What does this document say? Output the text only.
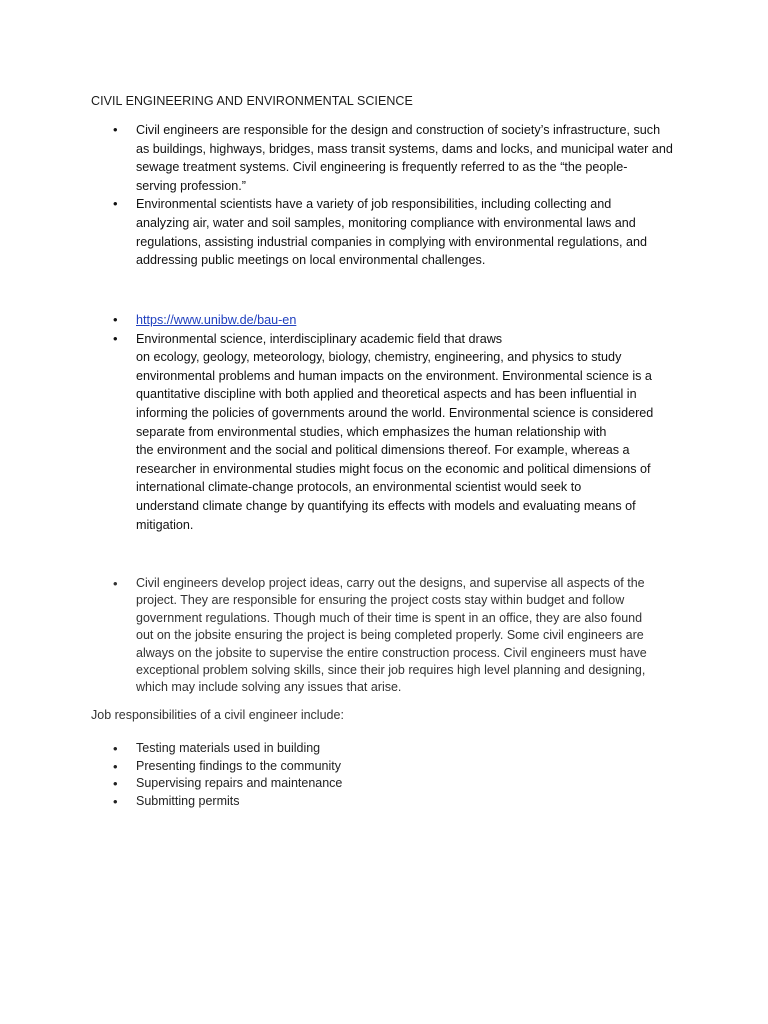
CIVIL ENGINEERING AND ENVIRONMENTAL SCIENCE
•	Civil engineers are responsible for the design and construction of society’s infrastructure, such
as buildings, highways, bridges, mass transit systems, dams and locks, and municipal water and
sewage treatment systems. Civil engineering is frequently referred to as the “the people-
serving profession.”
•	Environmental scientists have a variety of job responsibilities, including collecting and
analyzing air, water and soil samples, monitoring compliance with environmental laws and
regulations, assisting industrial companies in complying with environmental regulations, and
addressing public meetings on local environmental challenges.
•	https://www.unibw.de/bau-en
•	Environmental science, interdisciplinary academic field that draws
on ecology, geology, meteorology, biology, chemistry, engineering, and physics to study
environmental problems and human impacts on the environment. Environmental science is a
quantitative discipline with both applied and theoretical aspects and has been influential in
informing the policies of governments around the world. Environmental science is considered
separate from environmental studies, which emphasizes the human relationship with
the environment and the social and political dimensions thereof. For example, whereas a
researcher in environmental studies might focus on the economic and political dimensions of
international climate-change protocols, an environmental scientist would seek to
understand climate change by quantifying its effects with models and evaluating means of
mitigation.
•	Civil engineers develop project ideas, carry out the designs, and supervise all aspects of the
project. They are responsible for ensuring the project costs stay within budget and follow
government regulations. Though much of their time is spent in an office, they are also found
out on the jobsite ensuring the project is being completed properly. Some civil engineers are
always on the jobsite to supervise the entire construction process. Civil engineers must have
exceptional problem solving skills, since their job requires high level planning and designing,
which may include solving any issues that arise.
Job responsibilities of a civil engineer include:
•	Testing materials used in building
•	Presenting findings to the community
•	Supervising repairs and maintenance
•	Submitting permits
